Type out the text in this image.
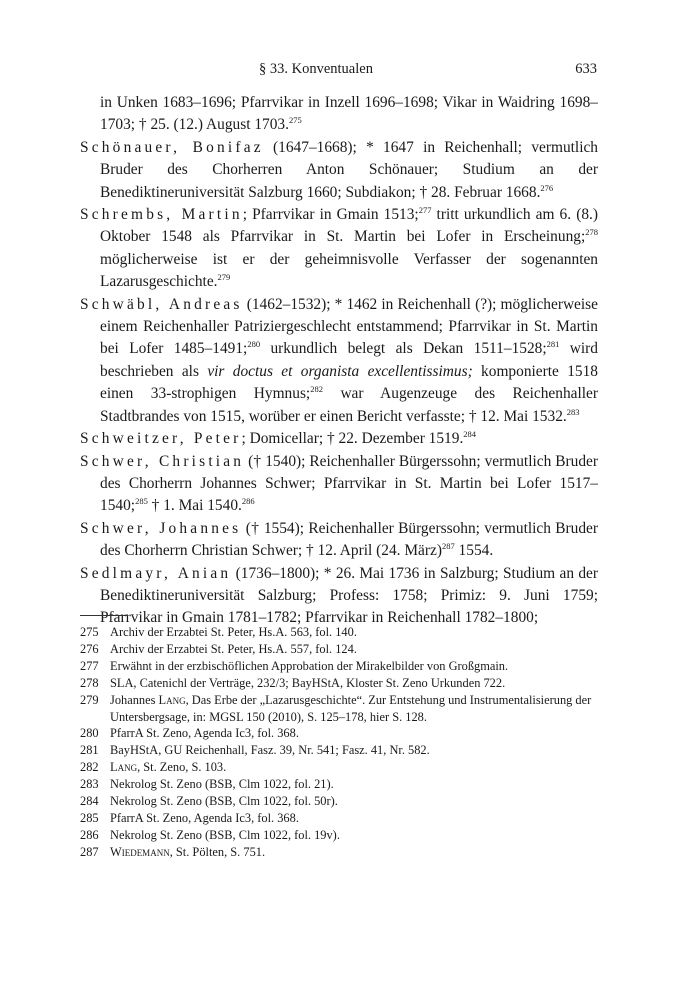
§ 33. Konventualen	633

in Unken 1683–1696; Pfarrvikar in Inzell 1696–1698; Vikar in Waidring 1698–1703; † 25. (12.) August 1703.$^{275}$

Schönauer, Bonifaz (1647–1668); * 1647 in Reichenhall; vermutlich Bruder des Chorherren Anton Schönauer; Studium an der Benediktineruniversität Salzburg 1660; Subdiakon; † 28. Februar 1668.$^{276}$

Schrembs, Martin; Pfarrvikar in Gmain 1513;$^{277}$ tritt urkundlich am 6. (8.) Oktober 1548 als Pfarrvikar in St. Martin bei Lofer in Erscheinung;$^{278}$ möglicherweise ist er der geheimnisvolle Verfasser der sogenannten Lazarusgeschichte.$^{279}$

Schwäbl, Andreas (1462–1532); * 1462 in Reichenhall (?); möglicherweise einem Reichenhaller Patriziergeschlecht entstammend; Pfarrvikar in St. Martin bei Lofer 1485–1491;$^{280}$ urkundlich belegt als Dekan 1511–1528;$^{281}$ wird beschrieben als vir doctus et organista excellentissimus; komponierte 1518 einen 33-strophigen Hymnus;$^{282}$ war Augenzeuge des Reichenhaller Stadtbrandes von 1515, worüber er einen Bericht verfasste; † 12. Mai 1532.$^{283}$

Schweitzer, Peter; Domicellar; † 22. Dezember 1519.$^{284}$

Schwer, Christian († 1540); Reichenhaller Bürgerssohn; vermutlich Bruder des Chorherrn Johannes Schwer; Pfarrvikar in St. Martin bei Lofer 1517–1540;$^{285}$ † 1. Mai 1540.$^{286}$

Schwer, Johannes († 1554); Reichenhaller Bürgerssohn; vermutlich Bruder des Chorherrn Christian Schwer; † 12. April (24. März)$^{287}$ 1554.

Sedlmayr, Anian (1736–1800); * 26. Mai 1736 in Salzburg; Studium an der Benediktineruniversität Salzburg; Profess: 1758; Primiz: 9. Juni 1759; Pfarrvikar in Gmain 1781–1782; Pfarrvikar in Reichenhall 1782–1800;

275 Archiv der Erzabtei St. Peter, Hs.A. 563, fol. 140.
276 Archiv der Erzabtei St. Peter, Hs.A. 557, fol. 124.
277 Erwähnt in der erzbischöflichen Approbation der Mirakelbilder von Großgmain.
278 SLA, Catenichl der Verträge, 232/3; BayHStA, Kloster St. Zeno Urkunden 722.
279 Johannes Lang, Das Erbe der „Lazarusgeschichte“. Zur Entstehung und Instrumentalisierung der Untersbergsage, in: MGSL 150 (2010), S. 125–178, hier S. 128.
280 PfarrA St. Zeno, Agenda Ic3, fol. 368.
281 BayHStA, GU Reichenhall, Fasz. 39, Nr. 541; Fasz. 41, Nr. 582.
282 Lang, St. Zeno, S. 103.
283 Nekrolog St. Zeno (BSB, Clm 1022, fol. 21).
284 Nekrolog St. Zeno (BSB, Clm 1022, fol. 50r).
285 PfarrA St. Zeno, Agenda Ic3, fol. 368.
286 Nekrolog St. Zeno (BSB, Clm 1022, fol. 19v).
287 Wiedemann, St. Pölten, S. 751.
